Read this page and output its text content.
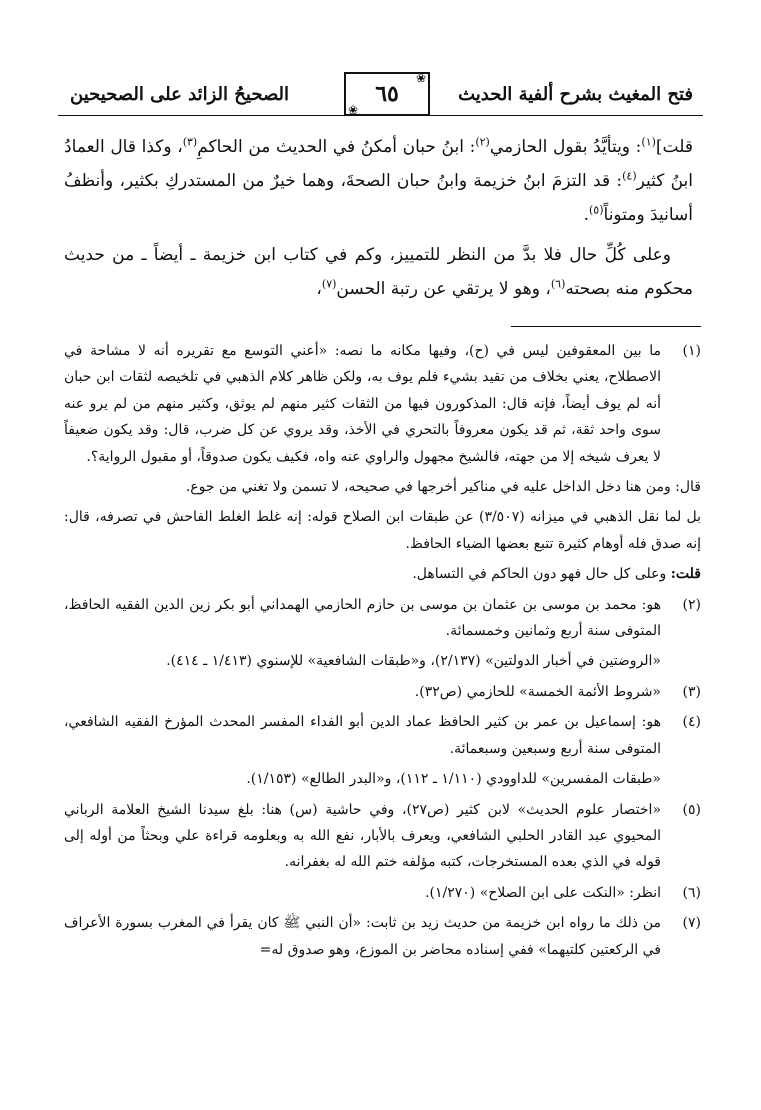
فتح المغيث بشرح ألفية الحديث
❀
٦٥
❀
الصحيحُ الزائد على الصحيحين

قلت]$^{(١)}$: ويتأيَّدُ بقول الحازمي$^{(٢)}$: ابنُ حبان أمكنُ في الحديث من الحاكمِ$^{(٣)}$، وكذا قال العمادُ ابنُ كثير$^{(٤)}$: قد التزمَ ابنُ خزيمة وابنُ حبان الصحةَ، وهما خيرٌ من المستدركِ بكثير، وأنظفُ أسانيدَ ومتوناً$^{(٥)}$.

وعلى كُلِّ حال فلا بدَّ من النظر للتمييز، وكم في كتاب ابن خزيمة ـ أيضاً ـ من حديث محكوم منه بصحته$^{(٦)}$، وهو لا يرتقي عن رتبة الحسن$^{(٧)}$،

(١)

ما بين المعقوفين ليس في (ح)، وفيها مكانه ما نصه: «أعني التوسع مع تقريره أنه لا مشاحة في الاصطلاح، يعني بخلاف من تقيد بشيء فلم يوف به، ولكن ظاهر كلام الذهبي في تلخيصه لثقات ابن حبان أنه لم يوف أيضاً، فإنه قال: المذكورون فيها من الثقات كثير منهم لم يوثق، وكثير منهم من لم يرو عنه سوى واحد ثقة، ثم قد يكون معروفاً بالتحري في الأخذ، وقد يروي عن كل ضرب، قال: وقد يكون ضعيفاً لا يعرف شيخه إلا من جهته، فالشيخ مجهول والراوي عنه واه، فكيف يكون صدوقاً، أو مقبول الرواية؟.

قال: ومن هنا دخل الداخل عليه في مناكير أخرجها في صحيحه، لا تسمن ولا تغني من جوع.

بل لما نقل الذهبي في ميزانه (٣/٥٠٧) عن طبقات ابن الصلاح قوله: إنه غلط الغلط الفاحش في تصرفه، قال: إنه صدق فله أوهام كثيرة تتبع بعضها الضياء الحافظ.

قلت: وعلى كل حال فهو دون الحاكم في التساهل.

(٢)

هو: محمد بن موسى بن عثمان بن موسى بن حازم الحازمي الهمداني أبو بكر زين الدين الفقيه الحافظ، المتوفى سنة أربع وثمانين وخمسمائة.

«الروضتين في أخبار الدولتين» (٢/١٣٧)، و«طبقات الشافعية» للإسنوي (١/٤١٣ ـ ٤١٤).

(٣)

«شروط الأئمة الخمسة» للحازمي (ص٣٢).

(٤)

هو: إسماعيل بن عمر بن كثير الحافظ عماد الدين أبو الفداء المفسر المحدث المؤرخ الفقيه الشافعي، المتوفى سنة أربع وسبعين وسبعمائة.

«طبقات المفسرين» للداوودي (١/١١٠ ـ ١١٢)، و«البدر الطالع» (١/١٥٣).

(٥)

«اختصار علوم الحديث» لابن كثير (ص٢٧)، وفي حاشية (س) هنا: بلغ سيدنا الشيخ العلامة الرباني المحيوي عبد القادر الحلبي الشافعي، ويعرف بالأبار، نفع الله به وبعلومه قراءة علي وبحثاً من أوله إلى قوله في الذي بعده المستخرجات، كتبه مؤلفه ختم الله له بغفرانه.

(٦)

انظر: «النكت على ابن الصلاح» (١/٢٧٠).

(٧)

من ذلك ما رواه ابن خزيمة من حديث زيد بن ثابت: «أن النبي ﷺ كان يقرأ في المغرب بسورة الأعراف في الركعتين كلتيهما» ففي إسناده محاضر بن الموزع، وهو صدوق له=
